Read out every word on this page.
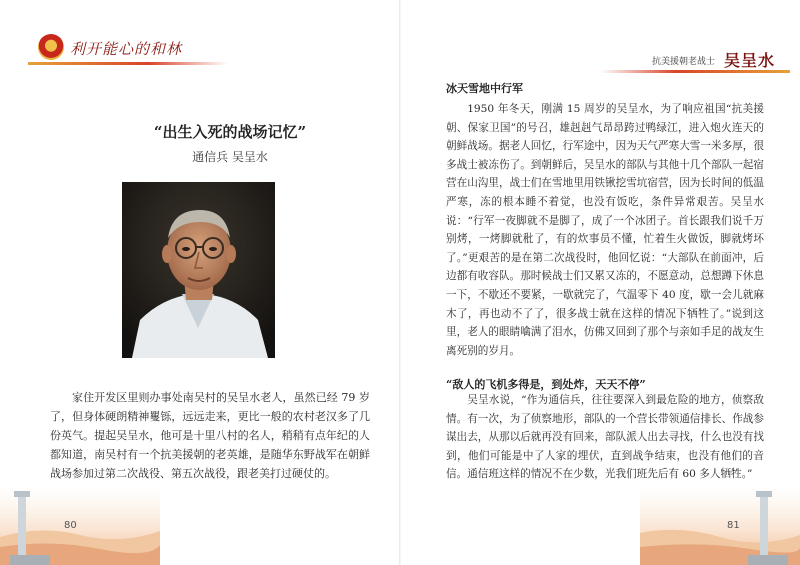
利开能心的和林
抗美援朝老战士 吴呈水
“出生入死的战场记忆”
通信兵 吴呈水

家住开发区里则办事处南吴村的吴呈水老人，虽然已经 79 岁了，但身体硬朗精神矍铄，远远走来，更比一般的农村老汉多了几份英气。提起吴呈水，他可是十里八村的名人，稍稍有点年纪的人都知道，南吴村有一个抗美援朝的老英雄，是随华东野战军在朝鲜战场参加过第二次战役、第五次战役，跟老美打过硬仗的。

冰天雪地中行军

1950 年冬天，刚满 15 周岁的吴呈水，为了响应祖国“抗美援朝、保家卫国”的号召，雄赳赳气昂昂跨过鸭绿江，进入炮火连天的朝鲜战场。据老人回忆，行军途中，因为天气严寒大雪一米多厚，很多战士被冻伤了。到朝鲜后，吴呈水的部队与其他十几个部队一起宿营在山沟里，战士们在雪地里用铁锹挖雪坑宿营，因为长时间的低温严寒，冻的根本睡不着觉，也没有饭吃，条件异常艰苦。吴呈水说：“行军一夜脚就不是脚了，成了一个冰团子。首长跟我们说千万别烤，一烤脚就秕了，有的炊事员不懂，忙着生火做饭，脚就烤坏了。”更艰苦的是在第二次战役时，他回忆说：“大部队在前面冲，后边都有收容队。那时候战士们又累又冻的，不愿意动，总想蹲下休息一下，不歇还不要紧，一歇就完了，气温零下 40 度，歇一会儿就麻木了，再也动不了了，很多战士就在这样的情况下牺牲了。”说到这里，老人的眼睛噙满了泪水，仿佛又回到了那个与亲如手足的战友生离死别的岁月。

“敌人的飞机多得是，到处炸，天天不停”

吴呈水说，“作为通信兵，往往要深入到最危险的地方，侦察敌情。有一次，为了侦察地形，部队的一个营长带领通信排长、作战参谋出去，从那以后就再没有回来，部队派人出去寻找，什么也没有找到，他们可能是中了人家的埋伏，直到战争结束，也没有他们的音信。通信班这样的情况不在少数，光我们班先后有 60 多人牺牲。”

80	81
